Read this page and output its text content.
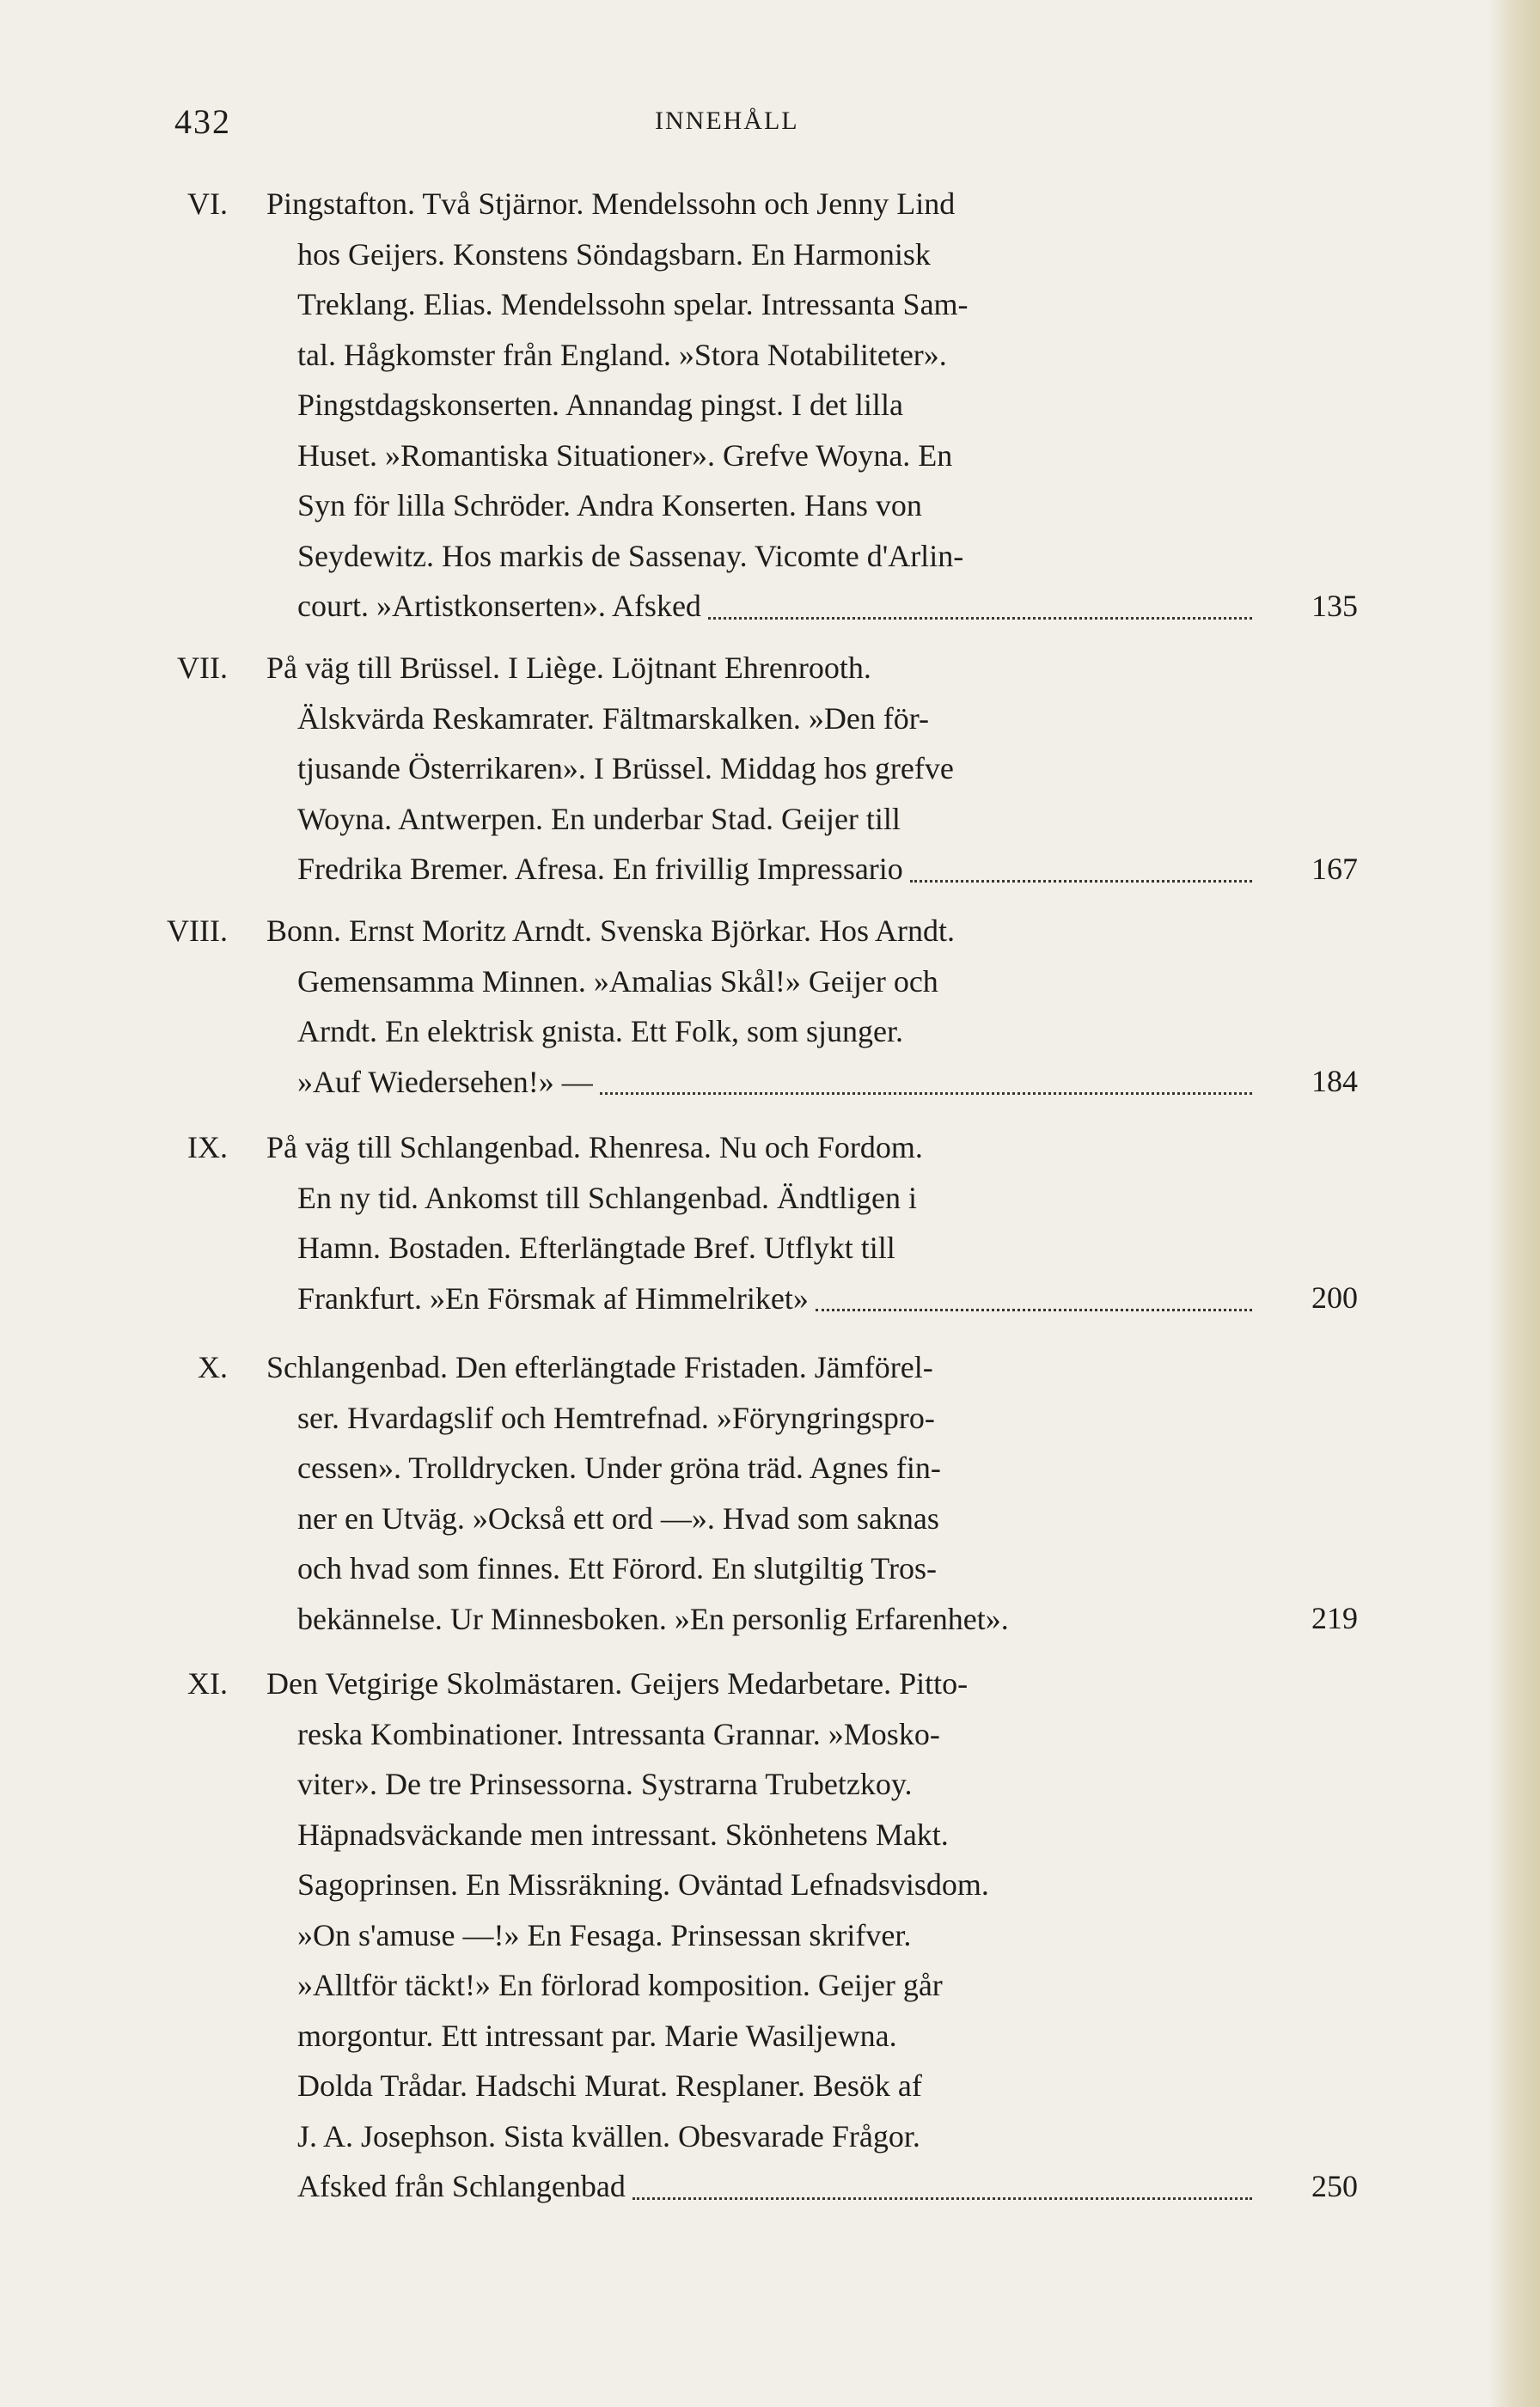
432	INNEHÅLL
VI. Pingstafton. Två Stjärnor. Mendelssohn och Jenny Lind
hos Geijers. Konstens Söndagsbarn. En Harmonisk
Treklang. Elias. Mendelssohn spelar. Intressanta Sam-
tal. Hågkomster från England. »Stora Notabiliteter».
Pingstdagskonserten. Annandag pingst. I det lilla
Huset. »Romantiska Situationer». Grefve Woyna. En
Syn för lilla Schröder. Andra Konserten. Hans von
Seydewitz. Hos markis de Sassenay. Vicomte d'Arlin-
court. »Artistkonserten». Afsked	135
VII. På väg till Brüssel. I Liège. Löjtnant Ehrenrooth.
Älskvärda Reskamrater. Fältmarskalken. »Den för-
tjusande Österrikaren». I Brüssel. Middag hos grefve
Woyna. Antwerpen. En underbar Stad. Geijer till
Fredrika Bremer. Afresa. En frivillig Impressario	167
VIII. Bonn. Ernst Moritz Arndt. Svenska Björkar. Hos Arndt.
Gemensamma Minnen. »Amalias Skål!» Geijer och
Arndt. En elektrisk gnista. Ett Folk, som sjunger.
»Auf Wiedersehen!» —	184
IX. På väg till Schlangenbad. Rhenresa. Nu och Fordom.
En ny tid. Ankomst till Schlangenbad. Ändtligen i
Hamn. Bostaden. Efterlängtade Bref. Utflykt till
Frankfurt. »En Försmak af Himmelriket»	200
X. Schlangenbad. Den efterlängtade Fristaden. Jämförel-
ser. Hvardagslif och Hemtrefnad. »Föryngringspro-
cessen». Trolldrycken. Under gröna träd. Agnes fin-
ner en Utväg. »Också ett ord —». Hvad som saknas
och hvad som finnes. Ett Förord. En slutgiltig Tros-
bekännelse. Ur Minnesboken. »En personlig Erfarenhet».	219
XI. Den Vetgirige Skolmästaren. Geijers Medarbetare. Pitto-
reska Kombinationer. Intressanta Grannar. »Mosko-
viter». De tre Prinsessorna. Systrarna Trubetzkoy.
Häpnadsväckande men intressant. Skönhetens Makt.
Sagoprinsen. En Missräkning. Oväntad Lefnadsvisdom.
»On s'amuse —!» En Fesaga. Prinsessan skrifver.
»Alltför täckt!» En förlorad komposition. Geijer går
morgontur. Ett intressant par. Marie Wasiljewna.
Dolda Trådar. Hadschi Murat. Resplaner. Besök af
J. A. Josephson. Sista kvällen. Obesvarade Frågor.
Afsked från Schlangenbad	250
